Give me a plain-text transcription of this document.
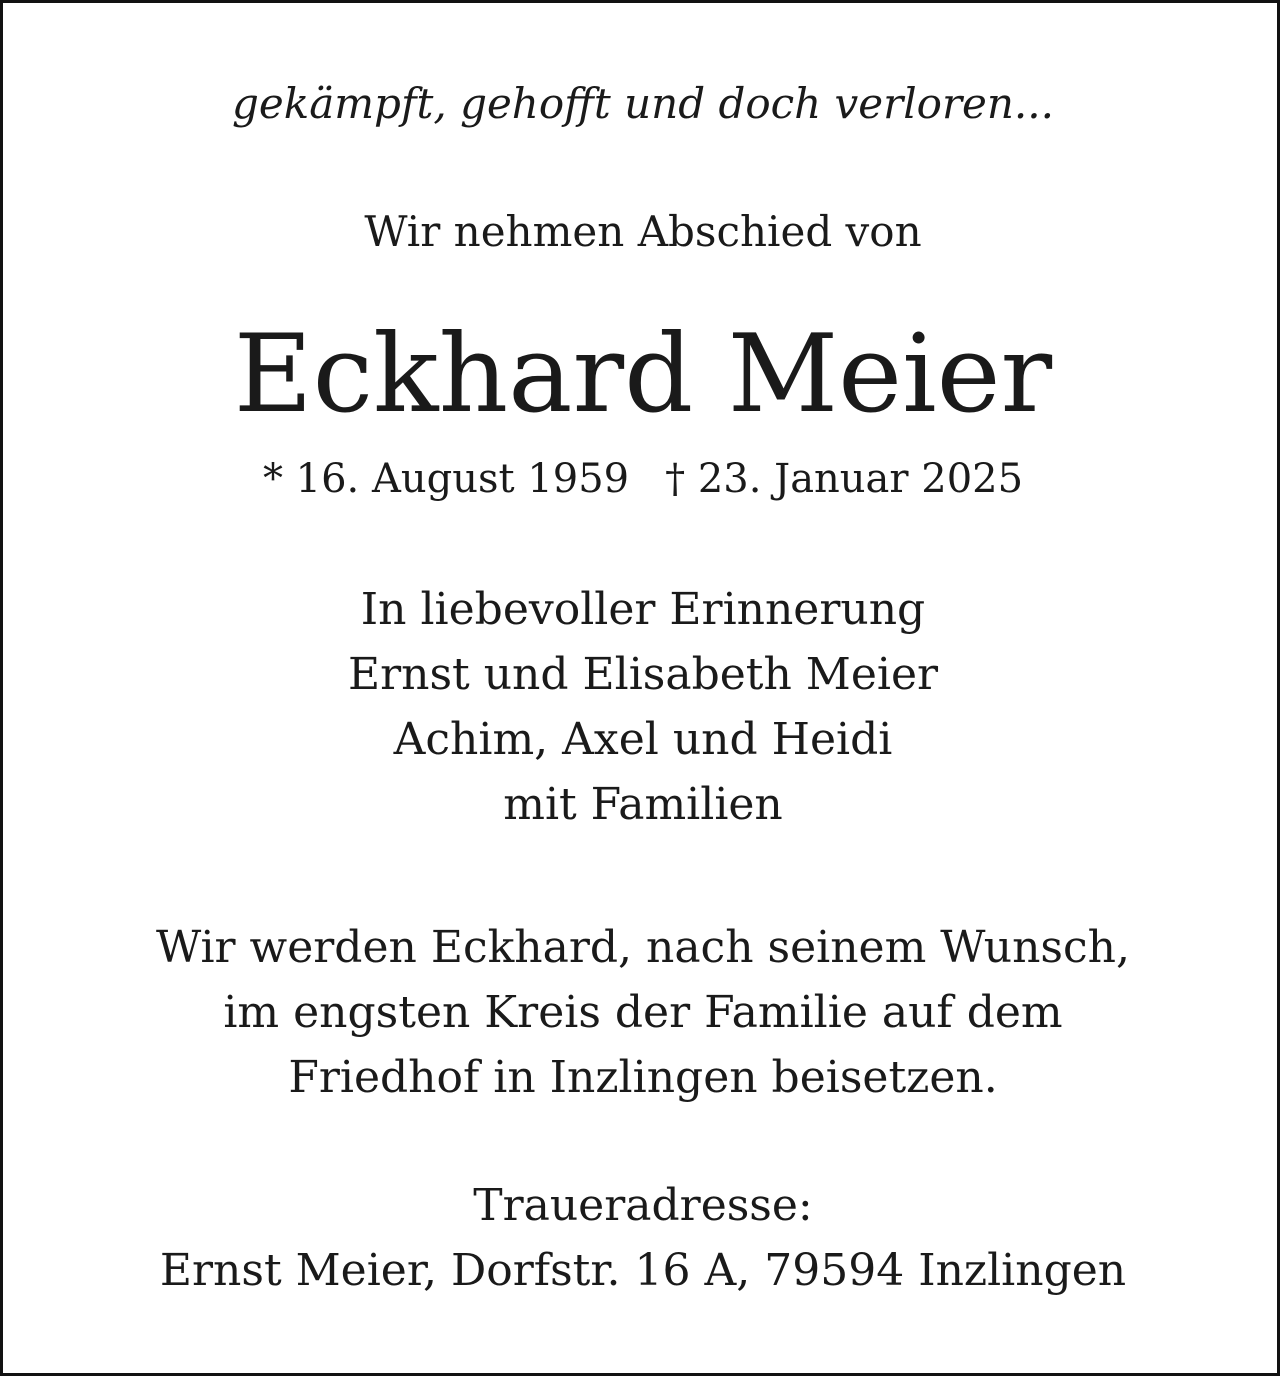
gekämpft, gehofft und doch verloren...
Wir nehmen Abschied von
Eckhard Meier
* 16. August 1959 † 23. Januar 2025
In liebevoller Erinnerung
Ernst und Elisabeth Meier
Achim, Axel und Heidi
mit Familien
Wir werden Eckhard, nach seinem Wunsch,
im engsten Kreis der Familie auf dem
Friedhof in Inzlingen beisetzen.
Traueradresse:
Ernst Meier, Dorfstr. 16 A, 79594 Inzlingen
